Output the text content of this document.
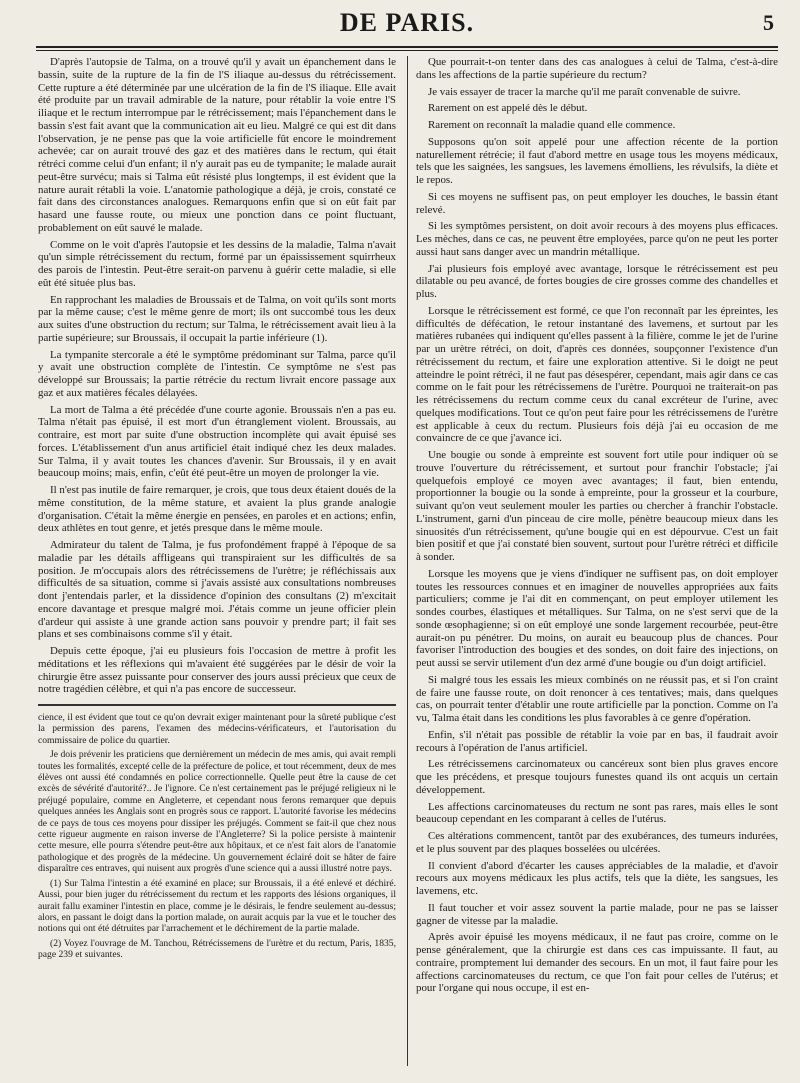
DE PARIS.	5

D'après l'autopsie de Talma, on a trouvé qu'il y avait un épanchement dans le bassin, suite de la rupture de la fin de l'S iliaque au-dessus du rétrécissement. Cette rupture a été déterminée par une ulcération de la fin de l'S iliaque. Elle avait été produite par un travail admirable de la nature, pour rétablir la voie entre l'S iliaque et le rectum interrompue par le rétrécissement; mais l'épanchement dans le bassin s'est fait avant que la communication ait eu lieu. Malgré ce qui est dit dans l'observation, je ne pense pas que la voie artificielle fût encore le moindrement achevée; car on aurait trouvé des gaz et des matières dans le rectum, qui était rétréci comme celui d'un enfant; il n'y aurait pas eu de tympanite; le malade aurait peut-être survécu; mais si Talma eût résisté plus longtemps, il est évident que la nature aurait rétabli la voie. L'anatomie pathologique a déjà, je crois, constaté ce fait dans des circonstances analogues. Remarquons enfin que si on eût fait par hasard une fausse route, ou mieux une ponction dans ce point fluctuant, probablement on eût sauvé le malade.

Comme on le voit d'après l'autopsie et les dessins de la maladie, Talma n'avait qu'un simple rétrécissement du rectum, formé par un épaississement squirrheux des parois de l'intestin. Peut-être serait-on parvenu à guérir cette maladie, si elle eût été située plus bas.

En rapprochant les maladies de Broussais et de Talma, on voit qu'ils sont morts par la même cause; c'est le même genre de mort; ils ont succombé tous les deux aux suites d'une obstruction du rectum; sur Talma, le rétrécissement avait lieu à la partie supérieure; sur Broussais, il occupait la partie inférieure (1).

La tympanite stercorale a été le symptôme prédominant sur Talma, parce qu'il y avait une obstruction complète de l'intestin. Ce symptôme ne s'est pas développé sur Broussais; la partie rétrécie du rectum livrait encore passage aux gaz et aux matières fécales délayées.

La mort de Talma a été précédée d'une courte agonie. Broussais n'en a pas eu. Talma n'était pas épuisé, il est mort d'un étranglement violent. Broussais, au contraire, est mort par suite d'une obstruction incomplète qui avait épuisé ses forces. L'établissement d'un anus artificiel était indiqué chez les deux malades. Sur Talma, il y avait toutes les chances d'avenir. Sur Broussais, il y en avait beaucoup moins; mais, enfin, c'eût été peut-être un moyen de prolonger la vie.

Il n'est pas inutile de faire remarquer, je crois, que tous deux étaient doués de la même constitution, de la même stature, et avaient la plus grande analogie d'organisation. C'était la même énergie en pensées, en paroles et en actions; enfin, deux athlètes en tout genre, et jetés presque dans le même moule.

Admirateur du talent de Talma, je fus profondément frappé à l'époque de sa maladie par les détails affligeans qui transpiraient sur les difficultés de sa position. Je m'occupais alors des rétrécissemens de l'urètre; je réfléchissais aux difficultés de sa situation, comme si j'avais assisté aux consultations nombreuses dont j'entendais parler, et la dissidence d'opinion des consultans (2) m'excitait encore davantage et presque malgré moi. J'étais comme un jeune officier plein d'ardeur qui assiste à une grande action sans pouvoir y prendre part; il fait ses plans et ses combinaisons comme s'il y était.

Depuis cette époque, j'ai eu plusieurs fois l'occasion de mettre à profit les méditations et les réflexions qui m'avaient été suggérées par le désir de voir la chirurgie être assez puissante pour conserver des jours aussi précieux que ceux de notre tragédien célèbre, et qui n'a pas encore de successeur.

cience, il est évident que tout ce qu'on devrait exiger maintenant pour la sûreté publique c'est la permission des parens, l'examen des médecins-vérificateurs, et l'autorisation du commissaire de police du quartier.

Je dois prévenir les praticiens que dernièrement un médecin de mes amis, qui avait rempli toutes les formalités, excepté celle de la préfecture de police, et tout récemment, deux de mes élèves ont aussi été condamnés en police correctionnelle. Quelle peut être la cause de cet excès de sévérité d'autorité?.. Je l'ignore. Ce n'est certainement pas le préjugé religieux ni le préjugé populaire, comme en Angleterre, et cependant nous ferons remarquer que depuis quelques années les Anglais sont en progrès sous ce rapport. L'autorité favorise les médecins de ce pays de tous ces moyens pour dissiper les préjugés. Comment se fait-il que chez nous cette rigueur augmente en raison inverse de l'Angleterre? Si la police persiste à maintenir cette mesure, elle pourra s'étendre peut-être aux hôpitaux, et ce n'est fait alors de l'anatomie pathologique et des progrès de la médecine. Un gouvernement éclairé doit se hâter de faire disparaître ces entraves, qui nuisent aux progrès d'une science qui a aussi illustré notre pays.

(1) Sur Talma l'intestin a été examiné en place; sur Broussais, il a été enlevé et déchiré. Aussi, pour bien juger du rétrécissement du rectum et les rapports des lésions organiques, il aurait fallu examiner l'intestin en place, comme je le désirais, le fendre seulement au-dessus; alors, en passant le doigt dans la portion malade, on aurait acquis par la vue et le toucher des notions qui ont été détruites par l'arrachement et le déchirement de la partie malade.

(2) Voyez l'ouvrage de M. Tanchou, Rétrécissemens de l'urètre et du rectum, Paris, 1835, page 239 et suivantes.

Que pourrait-t-on tenter dans des cas analogues à celui de Talma, c'est-à-dire dans les affections de la partie supérieure du rectum?

Je vais essayer de tracer la marche qu'il me paraît convenable de suivre.

Rarement on est appelé dès le début.

Rarement on reconnaît la maladie quand elle commence.

Supposons qu'on soit appelé pour une affection récente de la portion naturellement rétrécie; il faut d'abord mettre en usage tous les moyens médicaux, tels que les saignées, les sangsues, les lavemens émolliens, les révulsifs, la diète et le repos.

Si ces moyens ne suffisent pas, on peut employer les douches, le bassin étant relevé.

Si les symptômes persistent, on doit avoir recours à des moyens plus efficaces. Les mèches, dans ce cas, ne peuvent être employées, parce qu'on ne peut les porter aussi haut sans danger avec un mandrin métallique.

J'ai plusieurs fois employé avec avantage, lorsque le rétrécissement est peu dilatable ou peu avancé, de fortes bougies de cire grosses comme des chandelles et plus.

Lorsque le rétrécissement est formé, ce que l'on reconnaît par les épreintes, les difficultés de défécation, le retour instantané des lavemens, et surtout par les matières rubanées qui indiquent qu'elles passent à la filière, comme le jet de l'urine par un urètre rétréci, on doit, d'après ces données, soupçonner l'existence d'un rétrécissement du rectum, et faire une exploration attentive. Si le doigt ne peut atteindre le point rétréci, il ne faut pas désespérer, cependant, mais agir dans ce cas comme on le fait pour les rétrécissemens de l'urètre. Pourquoi ne traiterait-on pas les rétrécissemens du rectum comme ceux du canal excréteur de l'urine, avec quelques modifications. Tout ce qu'on peut faire pour les rétrécissemens de l'urètre est applicable à ceux du rectum. Plusieurs fois déjà j'ai eu occasion de me convaincre de ce que j'avance ici.

Une bougie ou sonde à empreinte est souvent fort utile pour indiquer où se trouve l'ouverture du rétrécissement, et surtout pour franchir l'obstacle; j'ai quelquefois employé ce moyen avec avantages; il faut, bien entendu, proportionner la bougie ou la sonde à empreinte, pour la grosseur et la courbure, suivant qu'on veut seulement mouler les parties ou chercher à franchir l'obstacle. L'instrument, garni d'un pinceau de cire molle, pénètre beaucoup mieux dans les sinuosités d'un rétrécissement, qu'une bougie qui en est dépourvue. C'est un fait bien positif et que j'ai constaté bien souvent, surtout pour l'urètre rétréci et difficile à sonder.

Lorsque les moyens que je viens d'indiquer ne suffisent pas, on doit employer toutes les ressources connues et en imaginer de nouvelles appropriées aux faits particuliers; comme je l'ai dit en commençant, on peut employer utilement les sondes courbes, élastiques et métalliques. Sur Talma, on ne s'est servi que de la sonde œsophagienne; si on eût employé une sonde largement recourbée, peut-être aurait-on pu pénétrer. Du moins, on aurait eu beaucoup plus de chances. Pour favoriser l'introduction des bougies et des sondes, on doit faire des injections, on peut aussi se servir utilement d'un dez armé d'une bougie ou d'un doigt artificiel.

Si malgré tous les essais les mieux combinés on ne réussit pas, et si l'on craint de faire une fausse route, on doit renoncer à ces tentatives; mais, dans quelques cas, on pourrait tenter d'établir une route artificielle par la ponction. Comme on l'a vu, Talma était dans les conditions les plus favorables à ce genre d'opération.

Enfin, s'il n'était pas possible de rétablir la voie par en bas, il faudrait avoir recours à l'opération de l'anus artificiel.

Les rétrécissemens carcinomateux ou cancéreux sont bien plus graves encore que les précédens, et presque toujours funestes quand ils ont acquis un certain développement.

Les affections carcinomateuses du rectum ne sont pas rares, mais elles le sont beaucoup cependant en les comparant à celles de l'utérus.

Ces altérations commencent, tantôt par des exubérances, des tumeurs indurées, et le plus souvent par des plaques bosselées ou ulcérées.

Il convient d'abord d'écarter les causes appréciables de la maladie, et d'avoir recours aux moyens médicaux les plus actifs, tels que la diète, les sangsues, les lavemens, etc.

Il faut toucher et voir assez souvent la partie malade, pour ne pas se laisser gagner de vitesse par la maladie.

Après avoir épuisé les moyens médicaux, il ne faut pas croire, comme on le pense généralement, que la chirurgie est dans ces cas impuissante. Il faut, au contraire, promptement lui demander des secours. En un mot, il faut faire pour les affections carcinomateuses du rectum, ce que l'on fait pour celles de l'utérus; et pour l'organe qui nous occupe, il est en-
